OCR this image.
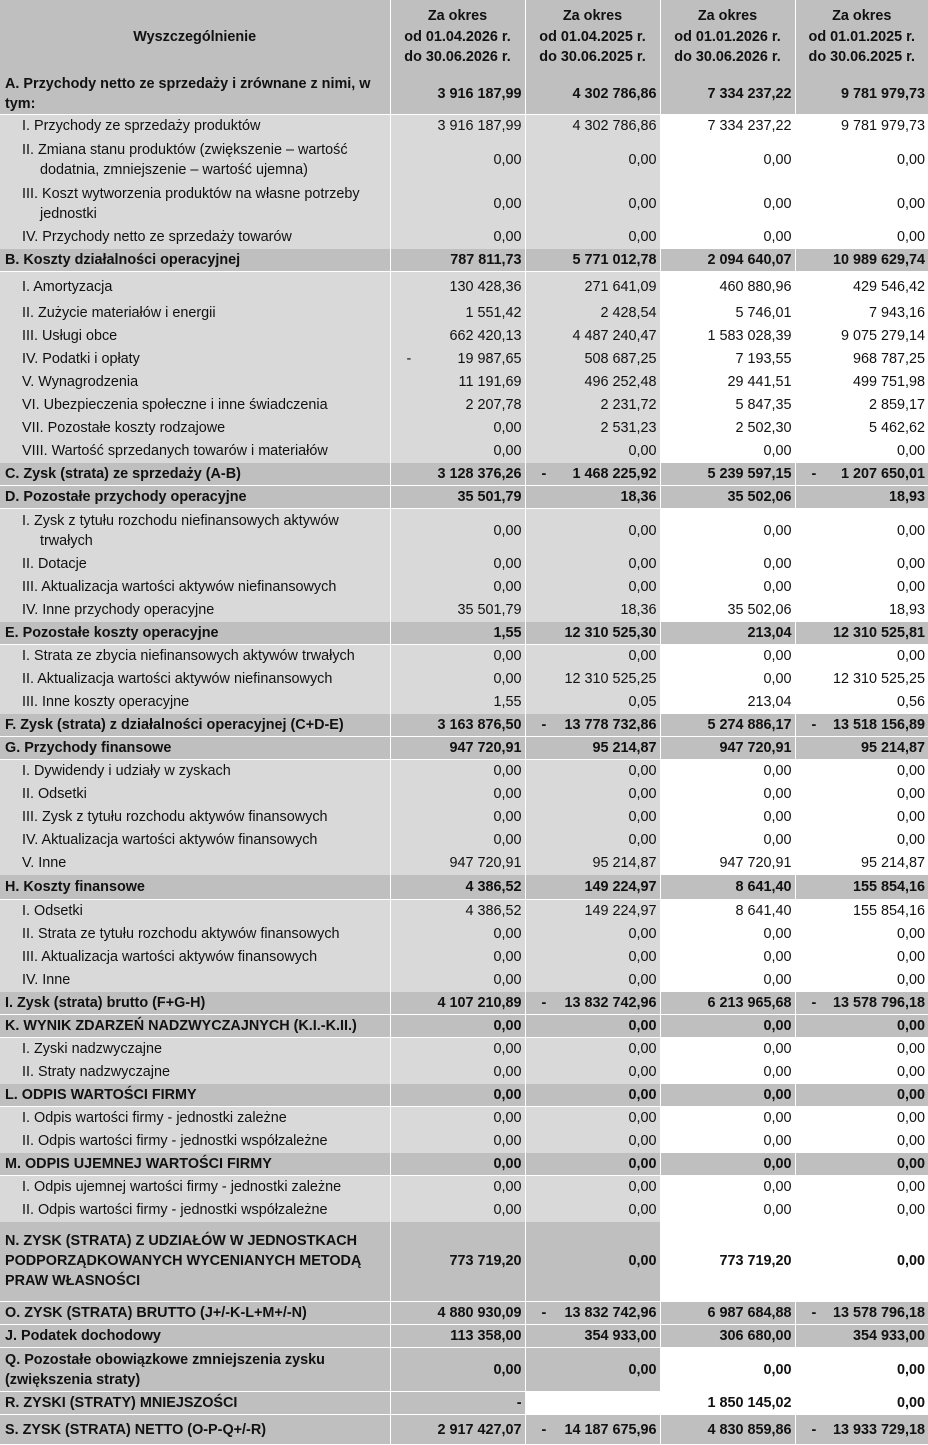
Wyszczególnienie	Za okres
od 01.04.2026 r.
do 30.06.2026 r.	Za okres
od 01.04.2025 r.
do 30.06.2025 r.	Za okres
od 01.01.2026 r.
do 30.06.2026 r.	Za okres
od 01.01.2025 r.
do 30.06.2025 r.
A. Przychody netto ze sprzedaży i zrównane z nimi, w tym:	3 916 187,99	4 302 786,86	7 334 237,22	9 781 979,73

I. Przychody ze sprzedaży produktów	3 916 187,99	4 302 786,86	7 334 237,22	9 781 979,73

II. Zmiana stanu produktów (zwiększenie – wartość dodatnia, zmniejszenie – wartość ujemna)	0,00	0,00	0,00	0,00

III. Koszt wytworzenia produktów na własne potrzeby jednostki	0,00	0,00	0,00	0,00

IV. Przychody netto ze sprzedaży towarów	0,00	0,00	0,00	0,00
B. Koszty działalności operacyjnej	787 811,73	5 771 012,78	2 094 640,07	10 989 629,74

I. Amortyzacja	130 428,36	271 641,09	460 880,96	429 546,42

II. Zużycie materiałów i energii	1 551,42	2 428,54	5 746,01	7 943,16

III. Usługi obce	662 420,13	4 487 240,47	1 583 028,39	9 075 279,14

IV. Podatki i opłaty	- 19 987,65	508 687,25	7 193,55	968 787,25

V. Wynagrodzenia	11 191,69	496 252,48	29 441,51	499 751,98

VI. Ubezpieczenia społeczne i inne świadczenia	2 207,78	2 231,72	5 847,35	2 859,17

VII. Pozostałe koszty rodzajowe	0,00	2 531,23	2 502,30	5 462,62

VIII. Wartość sprzedanych towarów i materiałów	0,00	0,00	0,00	0,00
C. Zysk (strata) ze sprzedaży (A-B)	3 128 376,26	- 1 468 225,92	5 239 597,15	- 1 207 650,01

D. Pozostałe przychody operacyjne	35 501,79	18,36	35 502,06	18,93

I. Zysk z tytułu rozchodu niefinansowych aktywów trwałych	0,00	0,00	0,00	0,00

II. Dotacje	0,00	0,00	0,00	0,00

III. Aktualizacja wartości aktywów niefinansowych	0,00	0,00	0,00	0,00

IV. Inne przychody operacyjne	35 501,79	18,36	35 502,06	18,93
E. Pozostałe koszty operacyjne	1,55	12 310 525,30	213,04	12 310 525,81

I. Strata ze zbycia niefinansowych aktywów trwałych	0,00	0,00	0,00	0,00

II. Aktualizacja wartości aktywów niefinansowych	0,00	12 310 525,25	0,00	12 310 525,25

III. Inne koszty operacyjne	1,55	0,05	213,04	0,56
F. Zysk (strata) z działalności operacyjnej (C+D-E)	3 163 876,50	- 13 778 732,86	5 274 886,17	- 13 518 156,89

G. Przychody finansowe	947 720,91	95 214,87	947 720,91	95 214,87

I. Dywidendy i udziały w zyskach	0,00	0,00	0,00	0,00

II. Odsetki	0,00	0,00	0,00	0,00

III. Zysk z tytułu rozchodu aktywów finansowych	0,00	0,00	0,00	0,00

IV. Aktualizacja wartości aktywów finansowych	0,00	0,00	0,00	0,00

V. Inne	947 720,91	95 214,87	947 720,91	95 214,87
H. Koszty finansowe	4 386,52	149 224,97	8 641,40	155 854,16

I. Odsetki	4 386,52	149 224,97	8 641,40	155 854,16

II. Strata ze tytułu rozchodu aktywów finansowych	0,00	0,00	0,00	0,00

III. Aktualizacja wartości aktywów finansowych	0,00	0,00	0,00	0,00

IV. Inne	0,00	0,00	0,00	0,00
I. Zysk (strata) brutto (F+G-H)	4 107 210,89	- 13 832 742,96	6 213 965,68	- 13 578 796,18

K. WYNIK ZDARZEŃ NADZWYCZAJNYCH (K.I.-K.II.)	0,00	0,00	0,00	0,00

I. Zyski nadzwyczajne	0,00	0,00	0,00	0,00

II. Straty nadzwyczajne	0,00	0,00	0,00	0,00
L. ODPIS WARTOŚCI FIRMY	0,00	0,00	0,00	0,00

I. Odpis wartości firmy - jednostki zależne	0,00	0,00	0,00	0,00

II. Odpis wartości firmy - jednostki współzależne	0,00	0,00	0,00	0,00
M. ODPIS UJEMNEJ WARTOŚCI FIRMY	0,00	0,00	0,00	0,00

I. Odpis ujemnej wartości firmy - jednostki zależne	0,00	0,00	0,00	0,00

II. Odpis wartości firmy - jednostki współzależne	0,00	0,00	0,00	0,00
N. ZYSK (STRATA) Z UDZIAŁÓW W JEDNOSTKACH PODPORZĄDKOWANYCH WYCENIANYCH METODĄ PRAW WŁASNOŚCI	773 719,20	0,00	773 719,20	0,00
O. ZYSK (STRATA) BRUTTO (J+/-K-L+M+/-N)	4 880 930,09	- 13 832 742,96	6 987 684,88	- 13 578 796,18

J. Podatek dochodowy	113 358,00	354 933,00	306 680,00	354 933,00
Q. Pozostałe obowiązkowe zmniejszenia zysku (zwiększenia straty)	0,00	0,00	0,00	0,00
R. ZYSKI (STRATY) MNIEJSZOŚCI	-		1 850 145,02	0,00
S. ZYSK (STRATA) NETTO (O-P-Q+/-R)	2 917 427,07	- 14 187 675,96	4 830 859,86	- 13 933 729,18
